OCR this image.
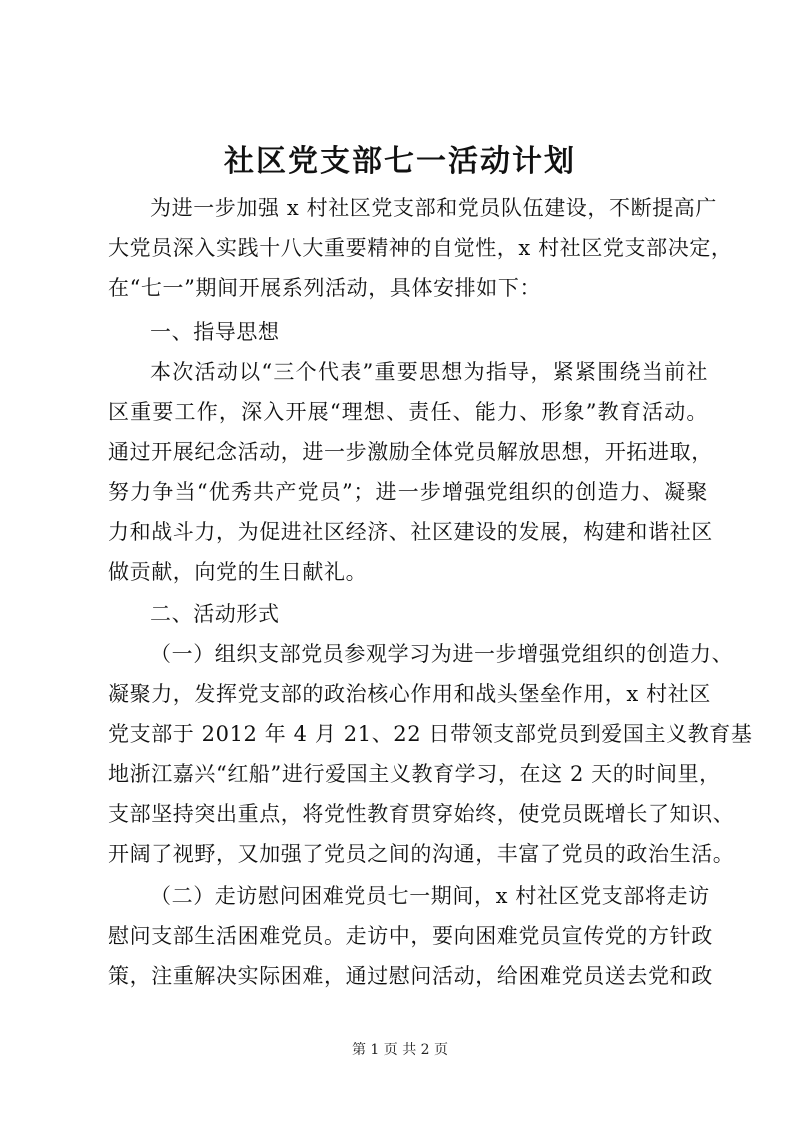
社区党支部七一活动计划

为进一步加强 x 村社区党支部和党员队伍建设，不断提高广

大党员深入实践十八大重要精神的自觉性，x 村社区党支部决定，

在“七一”期间开展系列活动，具体安排如下：

一、指导思想

本次活动以“三个代表”重要思想为指导，紧紧围绕当前社

区重要工作，深入开展“理想、责任、能力、形象”教育活动。

通过开展纪念活动，进一步激励全体党员解放思想，开拓进取，

努力争当“优秀共产党员”；进一步增强党组织的创造力、凝聚

力和战斗力，为促进社区经济、社区建设的发展，构建和谐社区

做贡献，向党的生日献礼。

二、活动形式

（一）组织支部党员参观学习为进一步增强党组织的创造力、

凝聚力，发挥党支部的政治核心作用和战头堡垒作用，x 村社区

党支部于 2012 年 4 月 21、22 日带领支部党员到爱国主义教育基

地浙江嘉兴“红船”进行爱国主义教育学习，在这 2 天的时间里，

支部坚持突出重点，将党性教育贯穿始终，使党员既增长了知识、

开阔了视野，又加强了党员之间的沟通，丰富了党员的政治生活。

（二）走访慰问困难党员七一期间，x 村社区党支部将走访

慰问支部生活困难党员。走访中，要向困难党员宣传党的方针政

策，注重解决实际困难，通过慰问活动，给困难党员送去党和政

第 1 页 共 2 页
